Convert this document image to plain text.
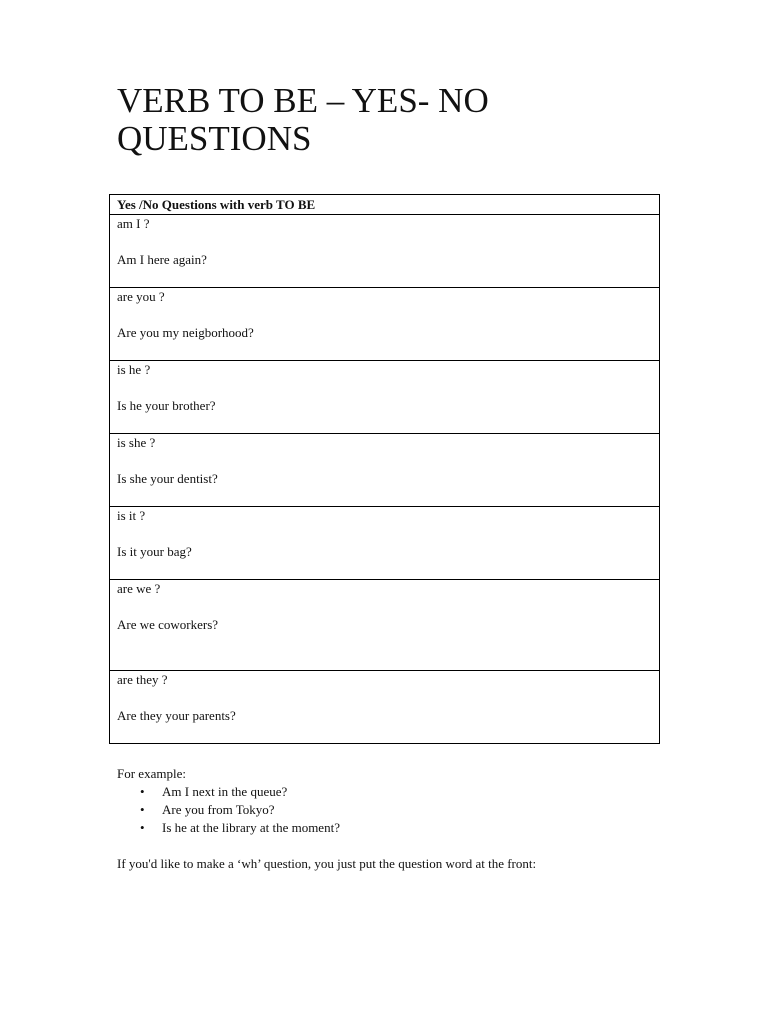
VERB TO BE – YES- NO QUESTIONS
Yes /No Questions with verb TO BE

am I ?
Am I here again?

are you ?
Are you my neigborhood?

is he ?
Is he your brother?

is she ?
Is she your dentist?

is it ?
Is it your bag?

are we ?
Are we coworkers?

are they ?
Are they your parents?

For example:

• Am I next in the queue?
• Are you from Tokyo?
• Is he at the library at the moment?

If you'd like to make a ‘wh’ question, you just put the question word at the front:
